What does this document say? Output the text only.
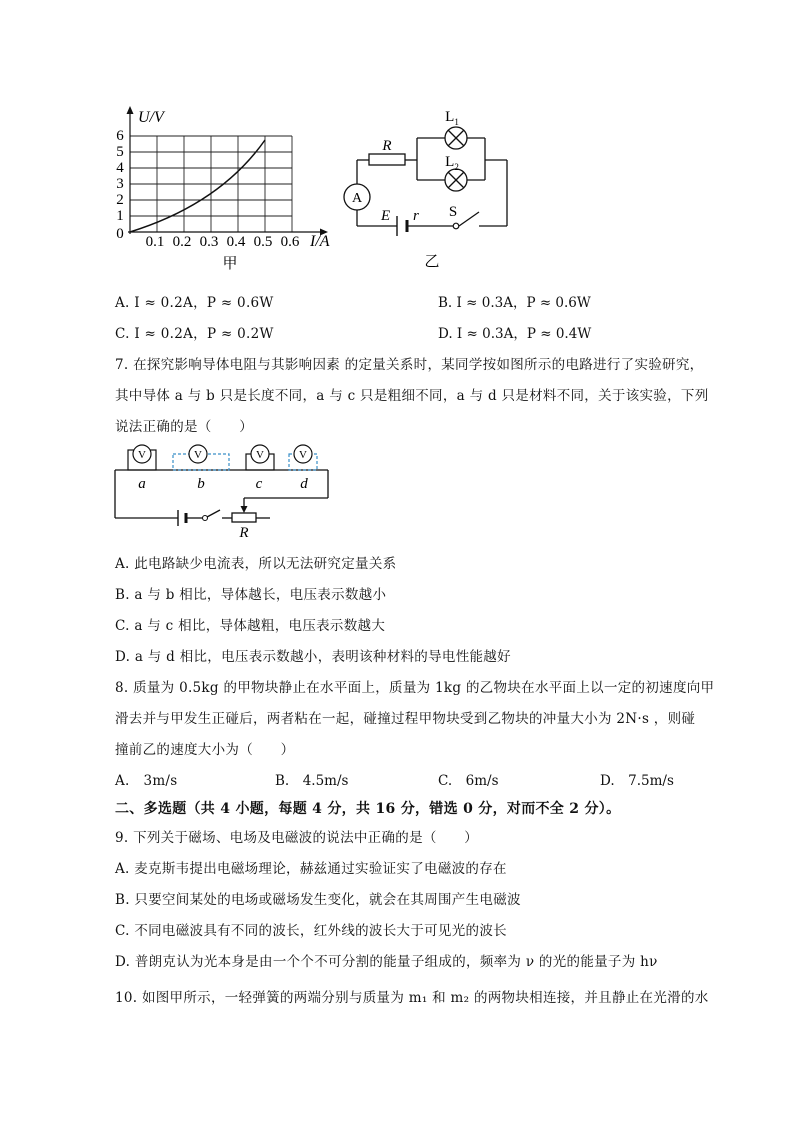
U/V
6
5
4
3
2
1
0 0.1 0.2 0.3 0.4 0.5 0.6 I/A
甲
A
R
$L_1$
$L_2$
E r S
乙
A. I ≈ 0.2A，P ≈ 0.6W	B. I ≈ 0.3A，P ≈ 0.6W
C. I ≈ 0.2A，P ≈ 0.2W	D. I ≈ 0.3A，P ≈ 0.4W
7. 在探究影响导体电阻与其影响因素 的定量关系时，某同学按如图所示的电路进行了实验研究，
其中导体 a 与 b 只是长度不同，a 与 c 只是粗细不同，a 与 d 只是材料不同，关于该实验，下列
说法正确的是（　　）
V	V	V	V
a	b	c	d
R
A. 此电路缺少电流表，所以无法研究定量关系
B. a 与 b 相比，导体越长，电压表示数越小
C. a 与 c 相比，导体越粗，电压表示数越大
D. a 与 d 相比，电压表示数越小，表明该种材料的导电性能越好
8. 质量为 0.5kg 的甲物块静止在水平面上，质量为 1kg 的乙物块在水平面上以一定的初速度向甲
滑去并与甲发生正碰后，两者粘在一起，碰撞过程甲物块受到乙物块的冲量大小为 2N·s ，则碰
撞前乙的速度大小为（　　）
A.　3m/s	B.　4.5m/s	C.　6m/s	D.　7.5m/s
二、多选题（共 4 小题，每题 4 分，共 16 分，错选 0 分，对而不全 2 分）。
9. 下列关于磁场、电场及电磁波的说法中正确的是（　　）
A. 麦克斯韦提出电磁场理论，赫兹通过实验证实了电磁波的存在
B. 只要空间某处的电场或磁场发生变化，就会在其周围产生电磁波
C. 不同电磁波具有不同的波长，红外线的波长大于可见光的波长
D. 普朗克认为光本身是由一个个不可分割的能量子组成的，频率为 ν 的光的能量子为 hν
10. 如图甲所示，一轻弹簧的两端分别与质量为 m₁ 和 m₂ 的两物块相连接，并且静止在光滑的水
